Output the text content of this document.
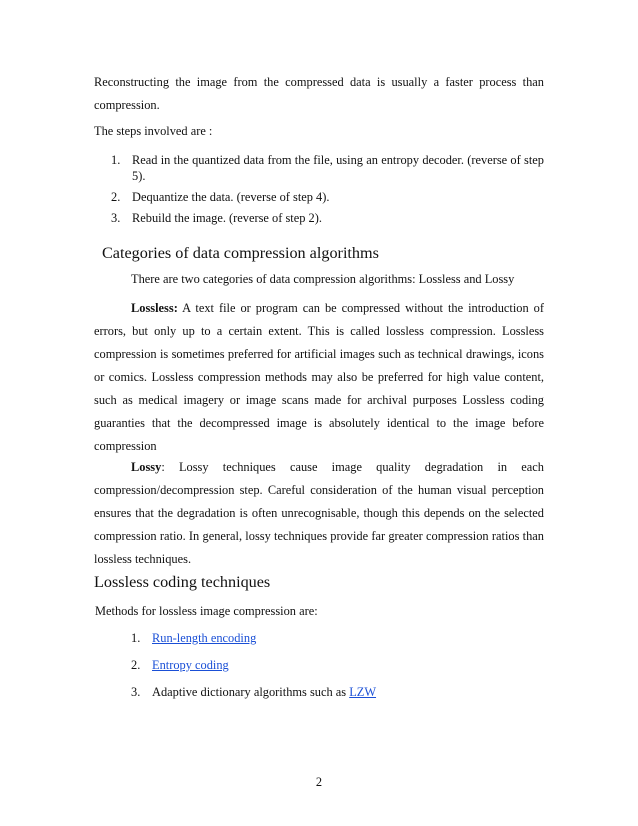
Reconstructing the image from the compressed data is usually a faster process than compression.

The steps involved are :

1. Read in the quantized data from the file, using an entropy decoder. (reverse of step 5).
2. Dequantize the data. (reverse of step 4).
3. Rebuild the image. (reverse of step 2).
Categories of data compression algorithms

There are two categories of data compression algorithms: Lossless and Lossy

Lossless: A text file or program can be compressed without the introduction of errors, but only up to a certain extent. This is called lossless compression. Lossless compression is sometimes preferred for artificial images such as technical drawings, icons or comics. Lossless compression methods may also be preferred for high value content, such as medical imagery or image scans made for archival purposes Lossless coding guaranties that the decompressed image is absolutely identical to the image before compression

Lossy: Lossy techniques cause image quality degradation in each compression/decompression step. Careful consideration of the human visual perception ensures that the degradation is often unrecognisable, though this depends on the selected compression ratio. In general, lossy techniques provide far greater compression ratios than lossless techniques.

Lossless coding techniques

Methods for lossless image compression are:

1. Run-length encoding
2. Entropy coding
3. Adaptive dictionary algorithms such as LZW
2
